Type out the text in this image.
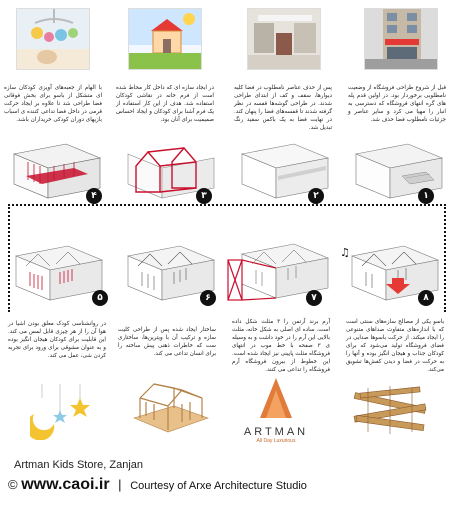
با الهام از جعبه‌های آویزی کودکان سازه ای متشکل از باسو برای بخش فوقانی فضا طراحی شد تا علاوه بر ایجاد حرکت قرمی در داخل فضا تداعی کننده ی اسباب بازیهای دوران کودکی خریداران باشد.
در ایجاد سازه ای که داخل کار محاط شده است از فرم خانه در نقاشی کودکان استفاده شد. هدف از این کار استفاده از یک فرم آشنا برای کودکان و ایجاد احساس صمیمیت برای آنان بود.
پس از حذف عناصر نامطلوب در فضا کلیه دیوارها، سقف و کف از ابتدای طراحی شدند. در طراحی گوشه‌ها قفسه در نظر گرفته شدند تا قفسه‌های فضا را پنهان کند. در نهایت فضا به یک باکس سفید رنگ تبدیل شد.
قبل از شروع طراحی فروشگاه از وضعیت نامطلوبی برخوردار بود. در اولین قدم پله های گره انتهای فروشگاه که دسترسی به انبار را مهیا می کرد و سایر عناصر و جزئیات نامطلوب فضا حذف شد.
۴	۳	۲	۱
♫
۵	۶	۷	۸
در روانشناسی کودک معلق بودن اشیا در هوا آن را از هر چیزی قابل لمس می کند. این قابلیت برای کودکان هیجان انگیز بوده و به عنوان مشوقی برای ورود برای تجربه کردن شی، عمل می کند.
ساختار ایجاد شده پس از طراحی کلیت سازه و ترکیب آن با ویترین‌ها، ساختاری ست که خاطرات ذهنی پیش ساخته را برای انسان تداعی می کند.
آرم برند آرتمن را ۳ مثلث شکل داده است. ساده ای اصلی به شکل خانه، مثلث بالایی این آرم را در خود داشت و به وسیله ی ۳ صفحه با خط موب در انتهای فروشگاه مثلث پایینی نیز ایجاد شده است. این خطوط از بیرون فروشگاه آرم فروشگاه را تداعی می کنند.
باسو یکی از مصالح سازه‌های سنتی است که با اندازه‌های متفاوت صداهای متنوعی را ایجاد میکند. از حرکت باسوها صدایی در فضای فروشگاه تولید می‌شود که برای کودکان جذاب و هیجان انگیز بوده و آنها را به حرکت در فضا و دیدن کفش‌ها تشویق می‌کند.
ARTMAN
All Day Luxurious
Artman Kids Store, Zanjan
© www.caoi.ir | Courtesy of Arxe Architecture Studio
